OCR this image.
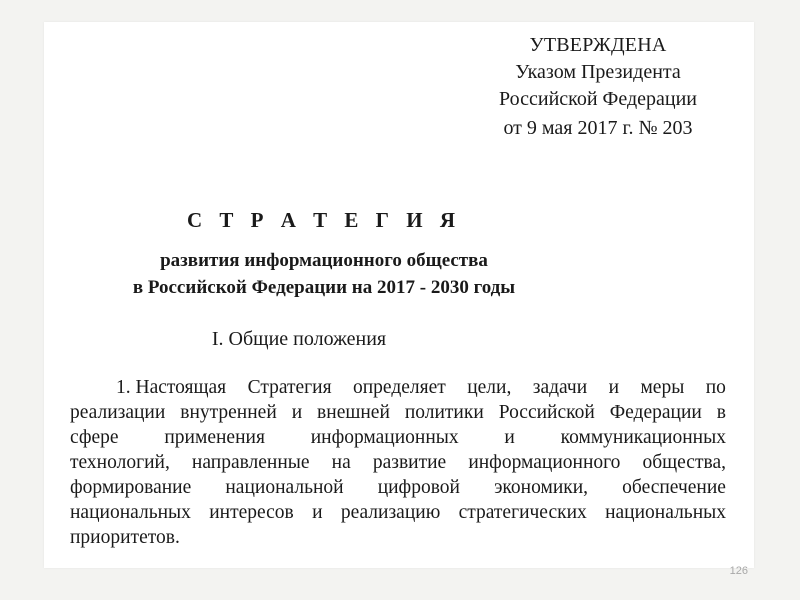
УТВЕРЖДЕНА
Указом Президента
Российской Федерации
от 9 мая 2017 г. № 203
С Т Р А Т Е Г И Я
развития информационного общества
в Российской Федерации на 2017 - 2030 годы
I. Общие положения
1. Настоящая Стратегия определяет цели, задачи и меры по
реализации внутренней и внешней политики Российской Федерации в
сфере применения информационных и коммуникационных
технологий, направленные на развитие информационного общества,
формирование национальной цифровой экономики, обеспечение
национальных интересов и реализацию стратегических национальных
приоритетов.
126
